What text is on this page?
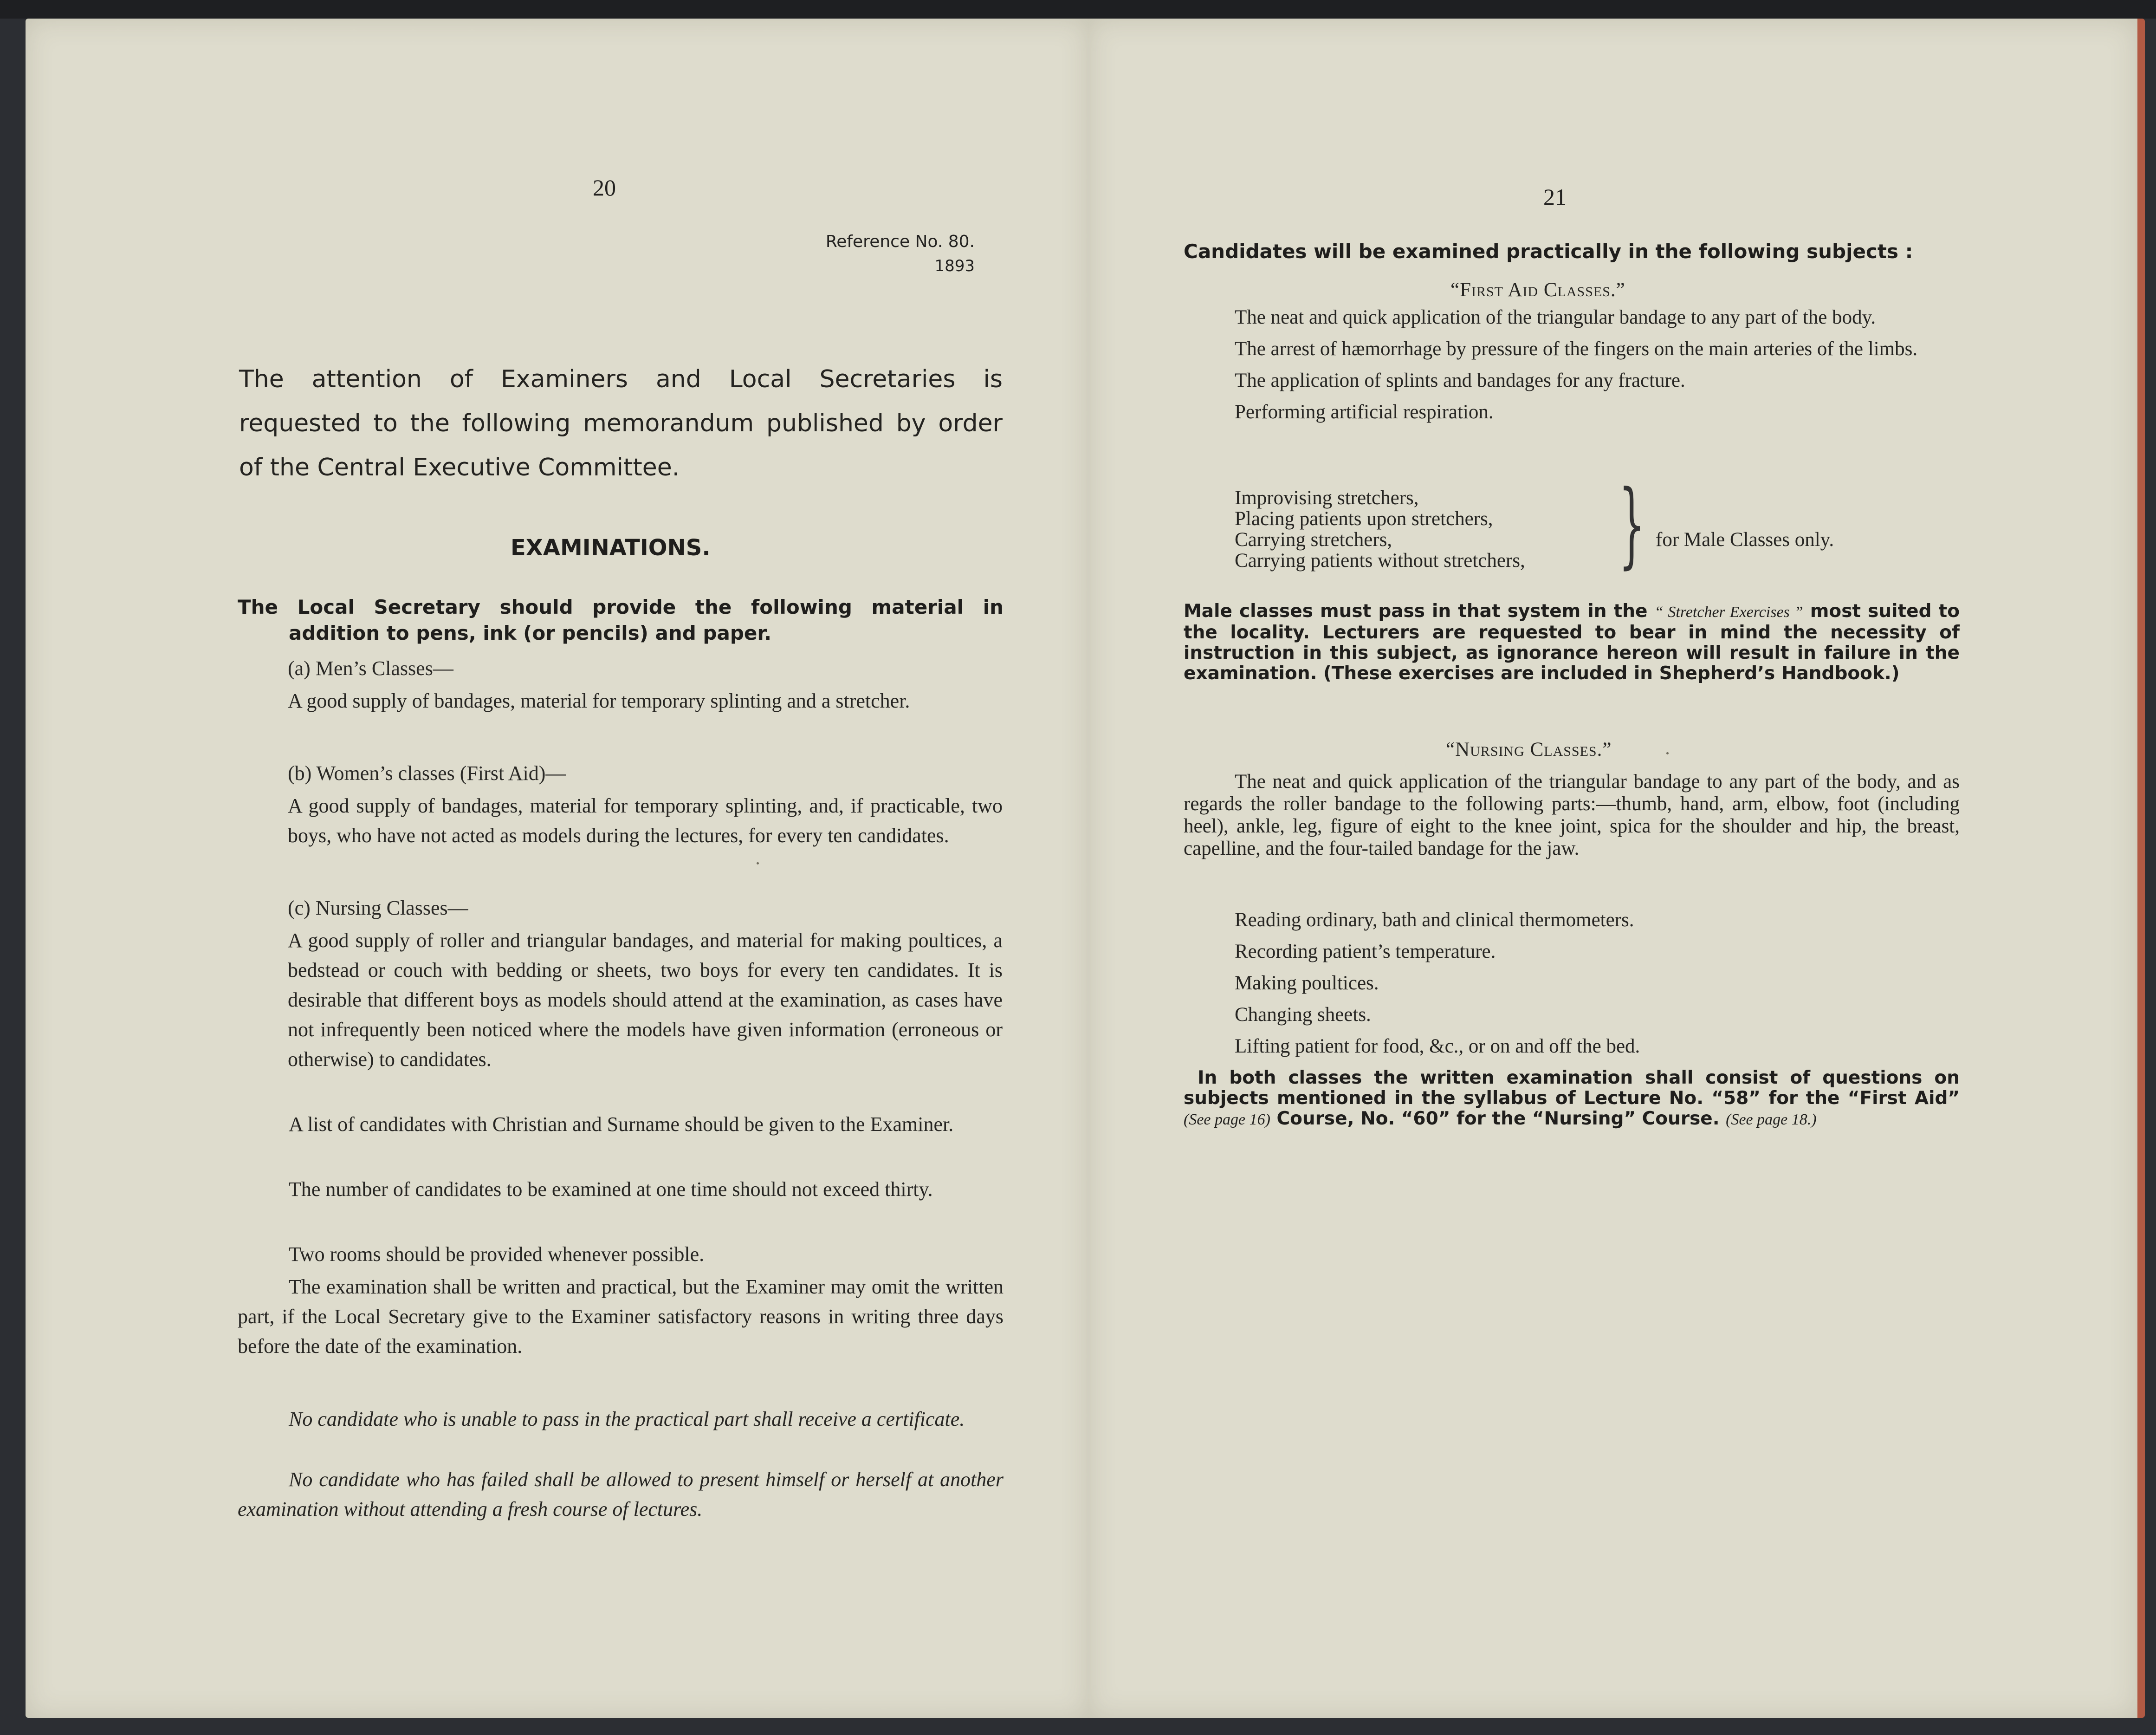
20
Reference No. 80.
1893
The attention of Examiners and Local Secretaries is
requested to the following memorandum published by order
of the Central Executive Committee.
EXAMINATIONS.
The Local Secretary should provide the following material in
addition to pens, ink (or pencils) and paper.
(a) Men’s Classes—
A good supply of bandages, material for temporary splinting and a stretcher.
(b) Women’s classes (First Aid)—
A good supply of bandages, material for temporary splinting, and, if practicable, two boys, who have not acted as models during the lectures, for every ten candidates.
(c) Nursing Classes—
A good supply of roller and triangular bandages, and material for making poultices, a bedstead or couch with bedding or sheets, two boys for every ten candidates. It is desirable that different boys as models should attend at the examination, as cases have not infrequently been noticed where the models have given information (erroneous or otherwise) to candidates.
A list of candidates with Christian and Surname should be given to the Examiner.
The number of candidates to be examined at one time should not exceed thirty.
Two rooms should be provided whenever possible.
The examination shall be written and practical, but the Examiner may omit the written part, if the Local Secretary give to the Examiner satisfactory reasons in writing three days before the date of the examination.
No candidate who is unable to pass in the practical part shall receive a certificate.
No candidate who has failed shall be allowed to present himself or herself at another examination without attending a fresh course of lectures.
21
Candidates will be examined practically in the following subjects :
“First Aid Classes.”
The neat and quick application of the triangular bandage to any part of the body.
The arrest of hæmorrhage by pressure of the fingers on the main arteries of the limbs.
The application of splints and bandages for any fracture.
Performing artificial respiration.
Improvising stretchers,
Placing patients upon stretchers,
Carrying stretchers,
Carrying patients without stretchers, } for Male Classes only.
Male classes must pass in that system in the “ Stretcher Exercises ” most suited to the locality. Lecturers are requested to bear in mind the necessity of instruction in this subject, as ignorance hereon will result in failure in the examination. (These exercises are included in Shepherd’s Handbook.)
“Nursing Classes.”
The neat and quick application of the triangular bandage to any part of the body, and as regards the roller bandage to the following parts:—thumb, hand, arm, elbow, foot (including heel), ankle, leg, figure of eight to the knee joint, spica for the shoulder and hip, the breast, capelline, and the four-tailed bandage for the jaw.
Reading ordinary, bath and clinical thermometers.
Recording patient’s temperature.
Making poultices.
Changing sheets.
Lifting patient for food, &c., or on and off the bed.
In both classes the written examination shall consist of questions on subjects mentioned in the syllabus of Lecture No. “58” for the “First Aid” (See page 16) Course, No. “60” for the “Nursing” Course. (See page 18.)
